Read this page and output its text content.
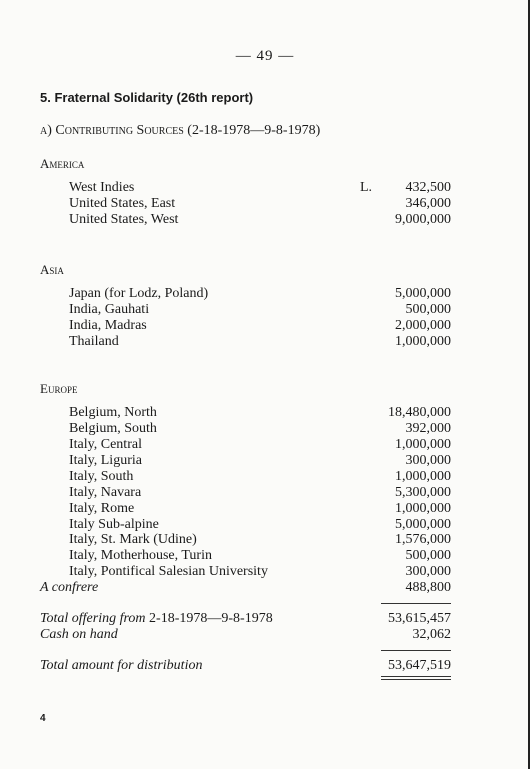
— 49 —
5. Fraternal Solidarity (26th report)
a) Contributing Sources (2-18-1978—9-8-1978)
America
West Indies	L. 432,500
United States, East	346,000
United States, West	9,000,000
Asia
Japan (for Lodz, Poland)	5,000,000
India, Gauhati	500,000
India, Madras	2,000,000
Thailand	1,000,000
Europe
Belgium, North	18,480,000
Belgium, South	392,000
Italy, Central	1,000,000
Italy, Liguria	300,000
Italy, South	1,000,000
Italy, Navara	5,300,000
Italy, Rome	1,000,000
Italy Sub-alpine	5,000,000
Italy, St. Mark (Udine)	1,576,000
Italy, Motherhouse, Turin	500,000
Italy, Pontifical Salesian University	300,000
A confrere	488,800
Total offering from 2-18-1978—9-8-1978	53,615,457
Cash on hand	32,062
Total amount for distribution	53,647,519
4
